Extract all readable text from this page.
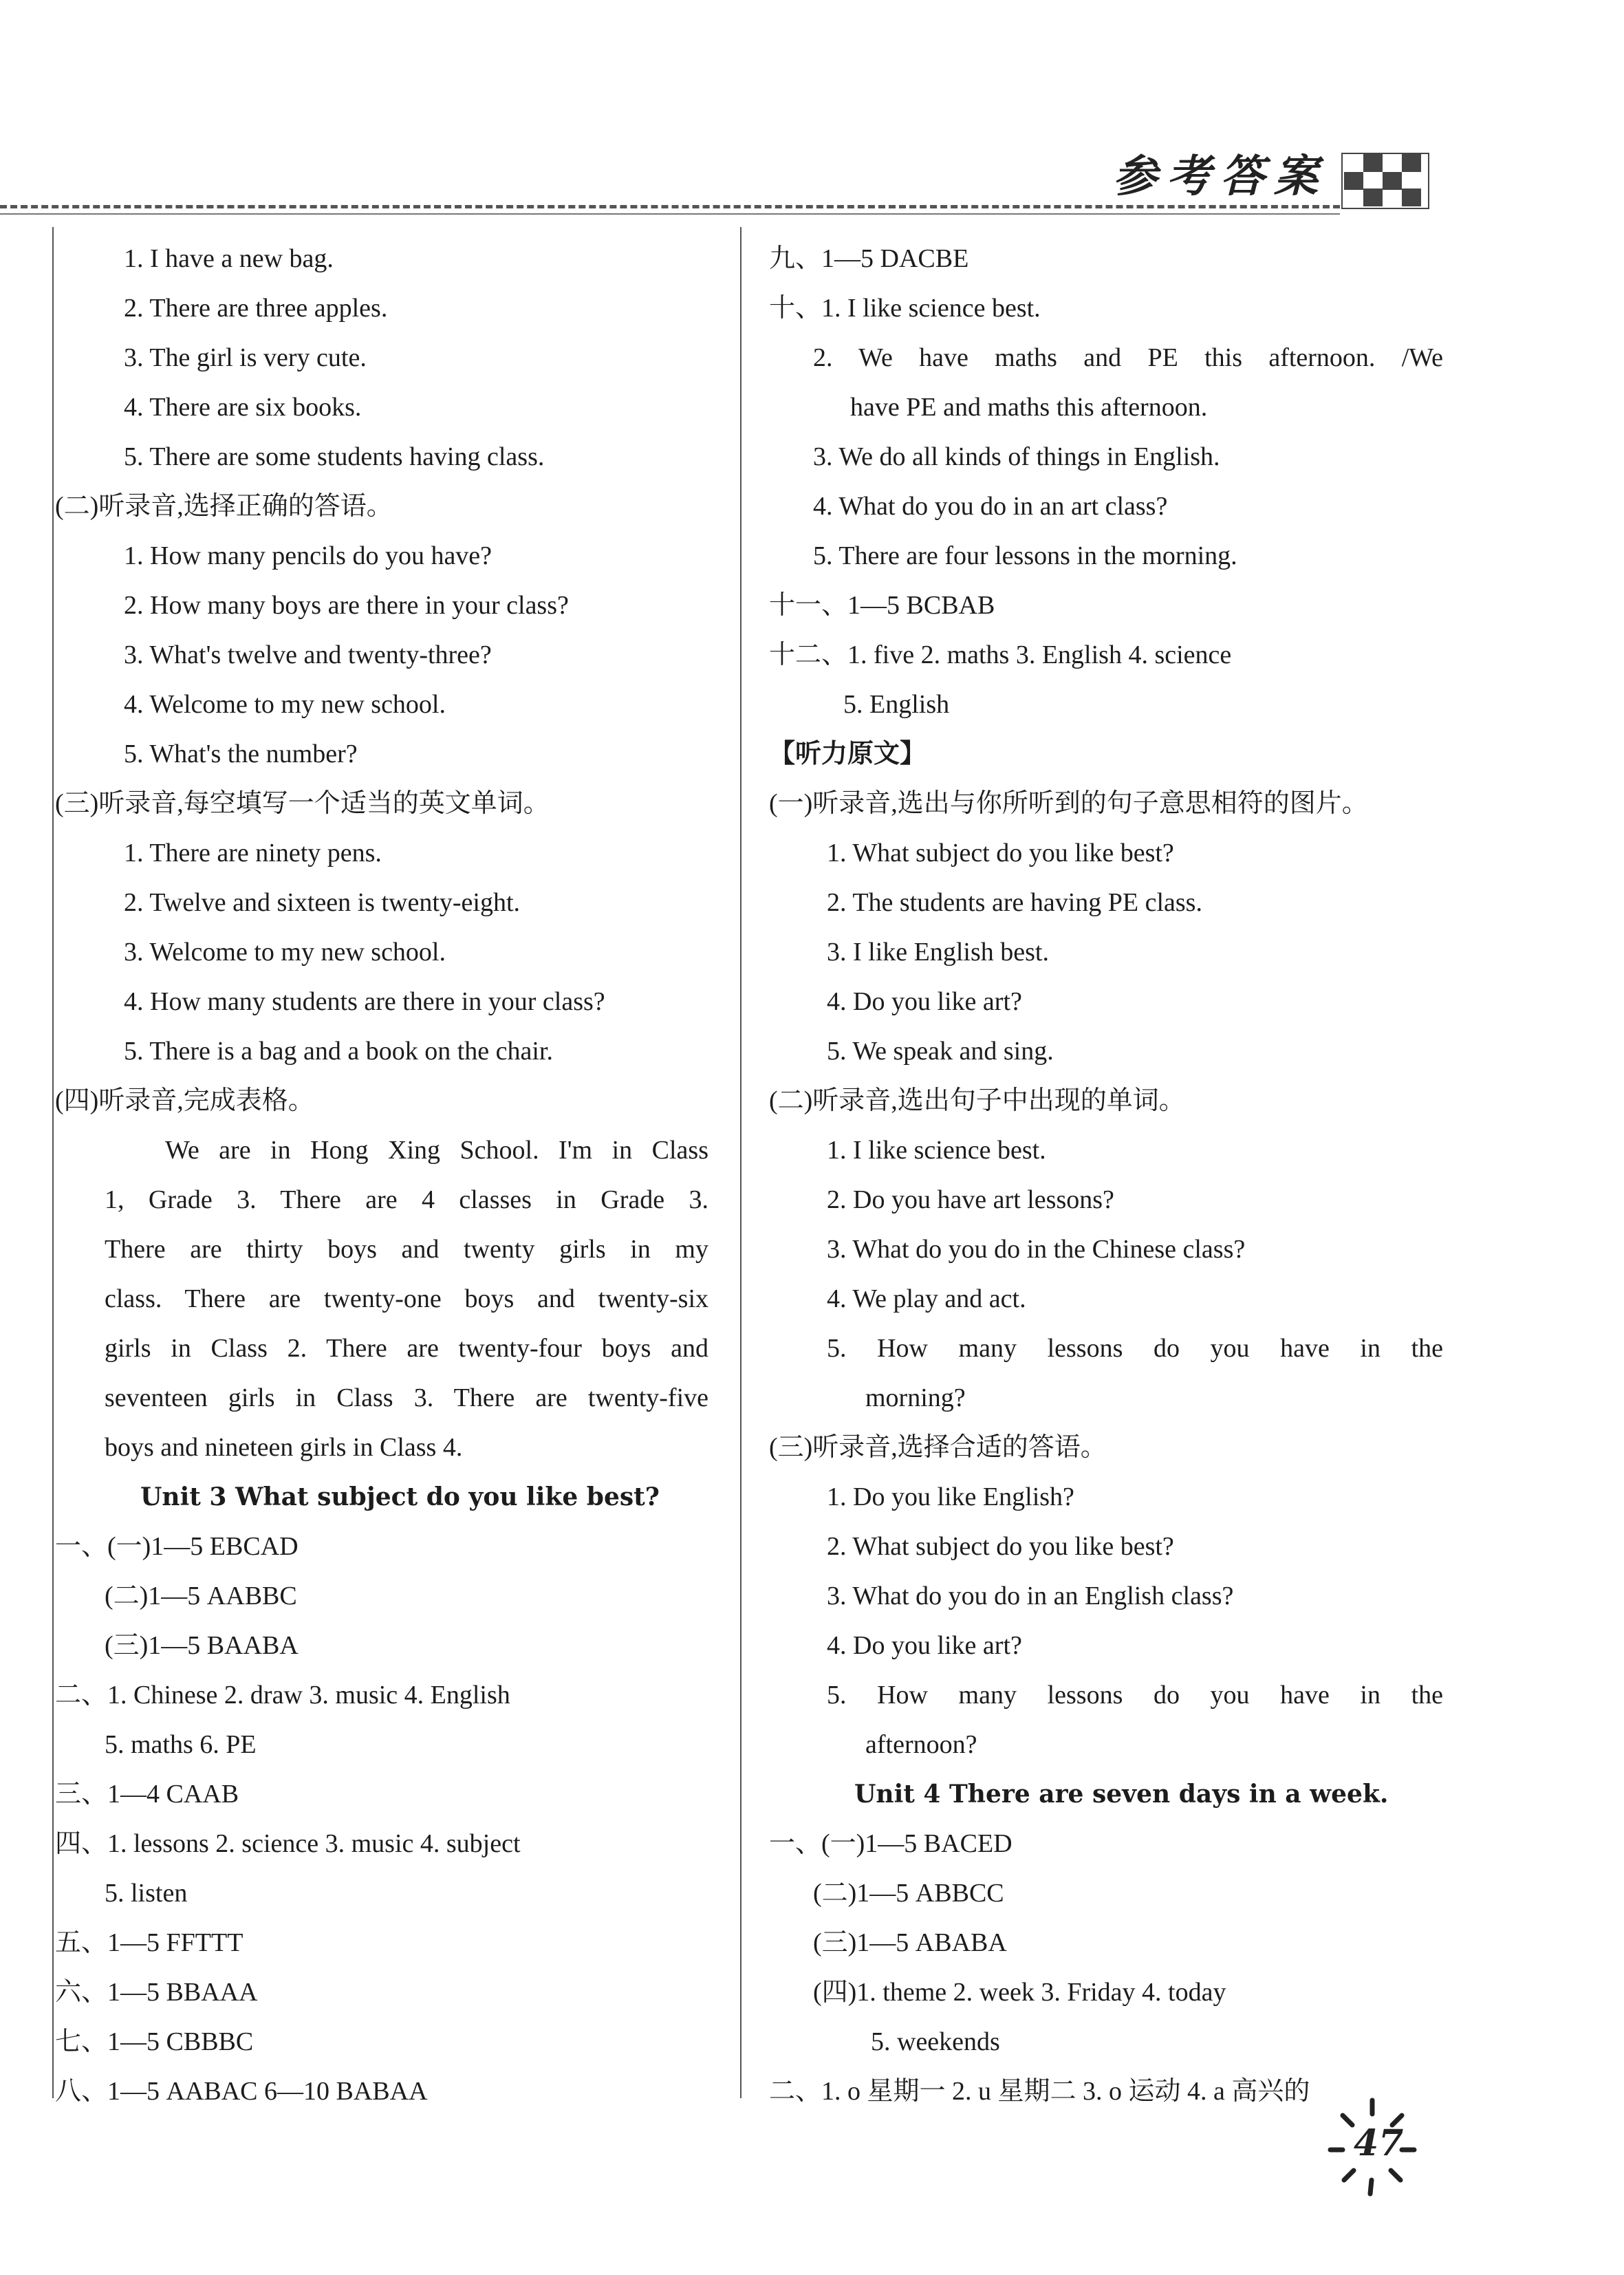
参考答案
1. I have a new bag.
2. There are three apples.
3. The girl is very cute.
4. There are six books.
5. There are some students having class.
(二)听录音,选择正确的答语。
1. How many pencils do you have?
2. How many boys are there in your class?
3. What's twelve and twenty-three?
4. Welcome to my new school.
5. What's the number?
(三)听录音,每空填写一个适当的英文单词。
1. There are ninety pens.
2. Twelve and sixteen is twenty-eight.
3. Welcome to my new school.
4. How many students are there in your class?
5. There is a bag and a book on the chair.
(四)听录音,完成表格。
We are in Hong Xing School. I'm in Class
1, Grade 3. There are 4 classes in Grade 3.
There are thirty boys and twenty girls in my
class. There are twenty-one boys and twenty-six
girls in Class 2. There are twenty-four boys and
seventeen girls in Class 3. There are twenty-five
boys and nineteen girls in Class 4.
Unit 3 What subject do you like best?
一、(一)1—5 EBCAD
(二)1—5 AABBC
(三)1—5 BAABA
二、1. Chinese 2. draw 3. music 4. English
5. maths 6. PE
三、1—4 CAAB
四、1. lessons 2. science 3. music 4. subject
5. listen
五、1—5 FFTTT
六、1—5 BBAAA
七、1—5 CBBBC
八、1—5 AABAC 6—10 BABAA
九、1—5 DACBE
十、1. I like science best.
2. We have maths and PE this afternoon. /We
have PE and maths this afternoon.
3. We do all kinds of things in English.
4. What do you do in an art class?
5. There are four lessons in the morning.
十一、1—5 BCBAB
十二、1. five 2. maths 3. English 4. science
5. English
【听力原文】
(一)听录音,选出与你所听到的句子意思相符的图片。
1. What subject do you like best?
2. The students are having PE class.
3. I like English best.
4. Do you like art?
5. We speak and sing.
(二)听录音,选出句子中出现的单词。
1. I like science best.
2. Do you have art lessons?
3. What do you do in the Chinese class?
4. We play and act.
5. How many lessons do you have in the
morning?
(三)听录音,选择合适的答语。
1. Do you like English?
2. What subject do you like best?
3. What do you do in an English class?
4. Do you like art?
5. How many lessons do you have in the
afternoon?
Unit 4 There are seven days in a week.
一、(一)1—5 BACED
(二)1—5 ABBCC
(三)1—5 ABABA
(四)1. theme 2. week 3. Friday 4. today
5. weekends
二、1. o 星期一 2. u 星期二 3. o 运动 4. a 高兴的
47
